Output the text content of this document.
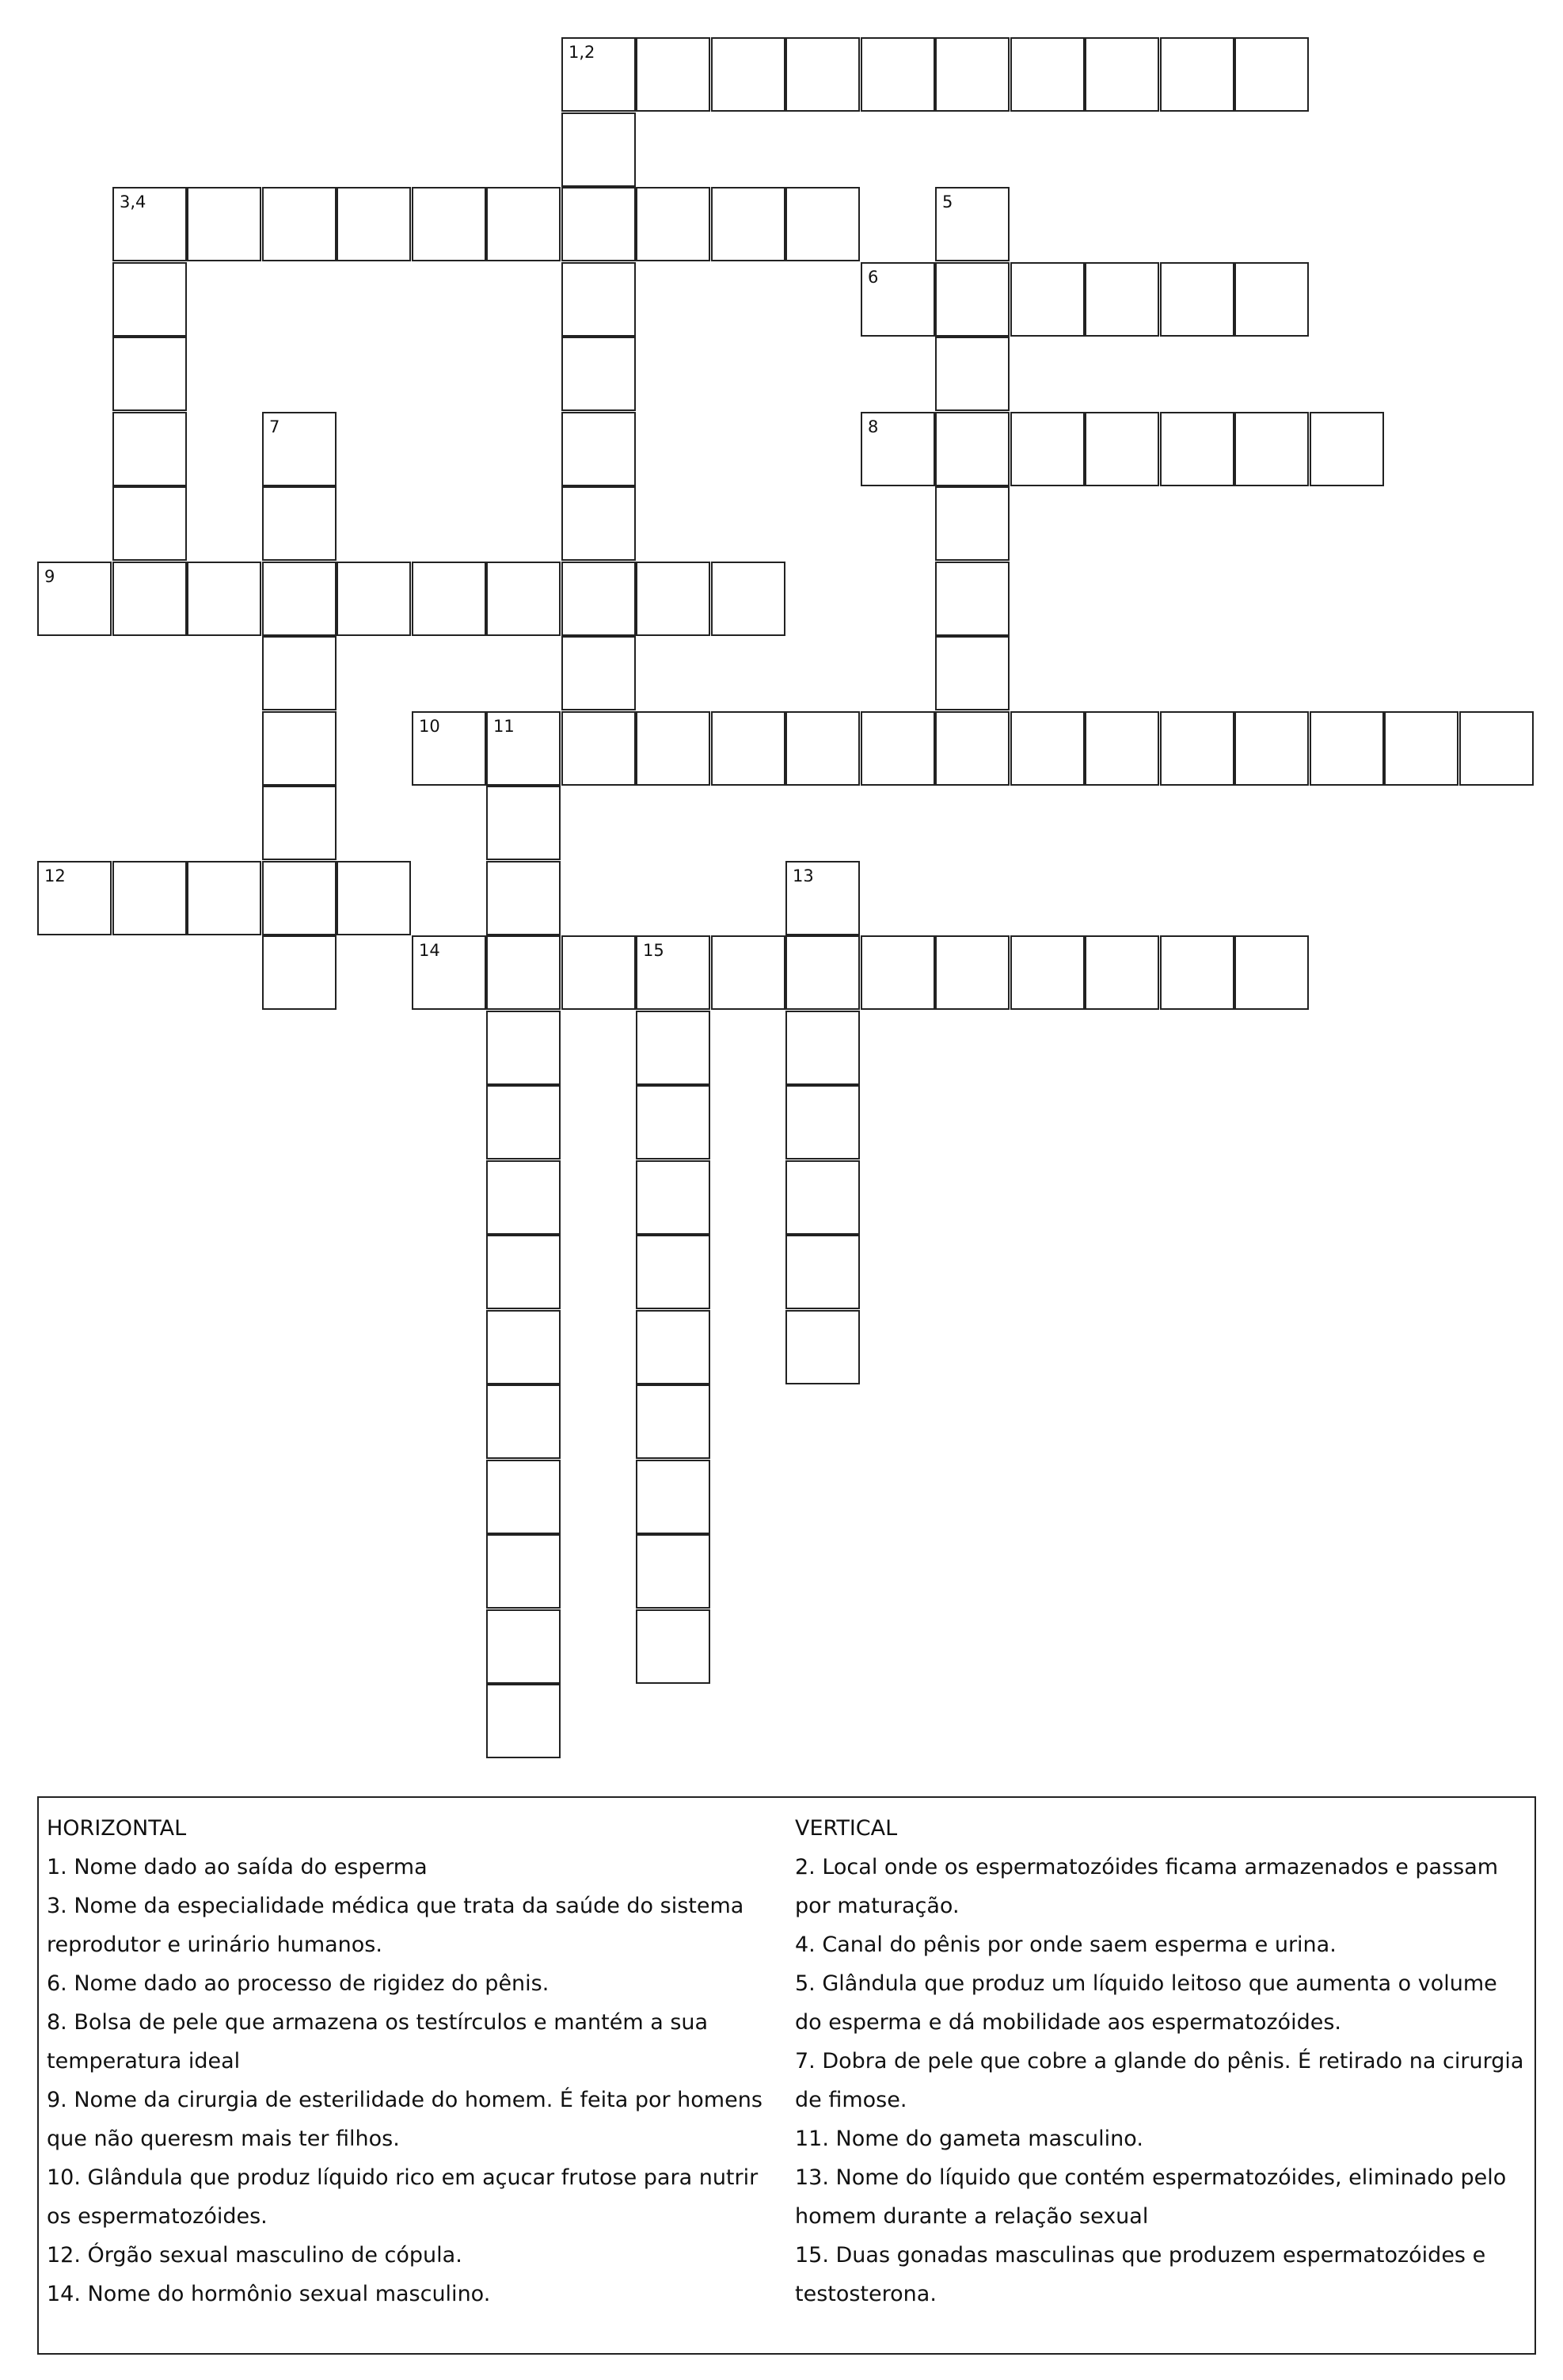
1,2
3,4	5
6
7	8
9
10	11
12	13
14	15
HORIZONTAL
1. Nome dado ao saída do esperma
3. Nome da especialidade médica que trata da saúde do sistema reprodutor e urinário humanos.
6. Nome dado ao processo de rigidez do pênis.
8. Bolsa de pele que armazena os testírculos e mantém a sua temperatura ideal
9. Nome da cirurgia de esterilidade do homem. É feita por homens que não queresm mais ter filhos.
10. Glândula que produz líquido rico em açucar frutose para nutrir os espermatozóides.
12. Órgão sexual masculino de cópula.
14. Nome do hormônio sexual masculino.
VERTICAL
2. Local onde os espermatozóides ficama armazenados e passam por maturação.
4. Canal do pênis por onde saem esperma e urina.
5. Glândula que produz um líquido leitoso que aumenta o volume do esperma e dá mobilidade aos espermatozóides.
7. Dobra de pele que cobre a glande do pênis. É retirado na cirurgia de fimose.
11. Nome do gameta masculino.
13. Nome do líquido que contém espermatozóides, eliminado pelo homem durante a relação sexual
15. Duas gonadas masculinas que produzem espermatozóides e testosterona.
